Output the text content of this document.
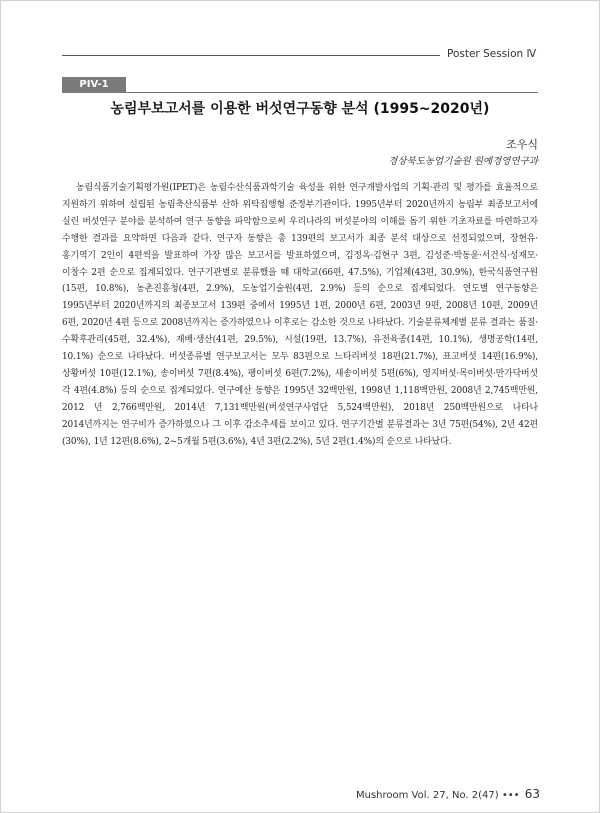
Poster Session Ⅳ
PIV-1
농림부보고서를 이용한 버섯연구동향 분석 (1995~2020년)
조우식
경상북도농업기술원 원예경영연구과

농림식품기술기획평가원(IPET)은 농림수산식품과학기술 육성을 위한 연구개발사업의 기획·관리 및 평가를 효율적으로 지원하기 위하여 설립된 농림축산식품부 산하 위탁집행형 준정부기관이다. 1995년부터 2020년까지 농림부 최종보고서에 실린 버섯연구 분야를 분석하여 연구 동향을 파악함으로써 우리나라의 버섯분야의 이해를 돕기 위한 기초자료를 마련하고자 수행한 결과를 요약하면 다음과 같다. 연구자 동향은 총 139편의 보고서가 최종 분석 대상으로 선정되었으며, 장현유·홍기역기 2인이 4편씩을 발표하여 가장 많은 보고서를 발표하였으며, 김정옥·김현구 3편, 김성준·박동윤·서건식·성재모·이창수 2편 순으로 집계되었다. 연구기관별로 분류했을 때 대학교(66편, 47.5%), 기업체(43편, 30.9%), 한국식품연구원(15편, 10.8%), 농촌진흥청(4편, 2.9%), 도농업기술원(4편, 2.9%) 등의 순으로 집계되었다. 연도별 연구동향은 1995년부터 2020년까지의 최종보고서 139편 중에서 1995년 1편, 2000년 6편, 2003년 9편, 2008년 10편, 2009년 6편, 2020년 4편 등으로 2008년까지는 증가하였으나 이후로는 감소한 것으로 나타났다. 기술분류체계별 분류 결과는 품질·수확후관리(45편, 32.4%), 재배·생산(41편, 29.5%), 시설(19편, 13.7%), 유전육종(14편, 10.1%), 생명공학(14편, 10.1%) 순으로 나타났다. 버섯종류별 연구보고서는 모두 83편으로 느타리버섯 18편(21.7%), 표고버섯 14편(16.9%), 상황버섯 10편(12.1%), 송이버섯 7편(8.4%), 팽이버섯 6편(7.2%), 새송이버섯 5편(6%), 영지버섯·목이버섯·만가닥버섯 각 4편(4.8%) 등의 순으로 집계되었다. 연구예산 동향은 1995년 32백만원, 1998년 1,118백만원, 2008년 2,745백만원, 2012 년 2,766백만원, 2014년 7,131백만원(버섯연구사업단 5,524백만원), 2018년 250백만원으로 나타나 2014년까지는 연구비가 증가하였으나 그 이후 감소추세를 보이고 있다. 연구기간별 분류결과는 3년 75편(54%), 2년 42편(30%), 1년 12편(8.6%), 2~5개월 5편(3.6%), 4년 3편(2.2%), 5년 2편(1.4%)의 순으로 나타났다.

Mushroom Vol. 27, No. 2(47) ••• 63
